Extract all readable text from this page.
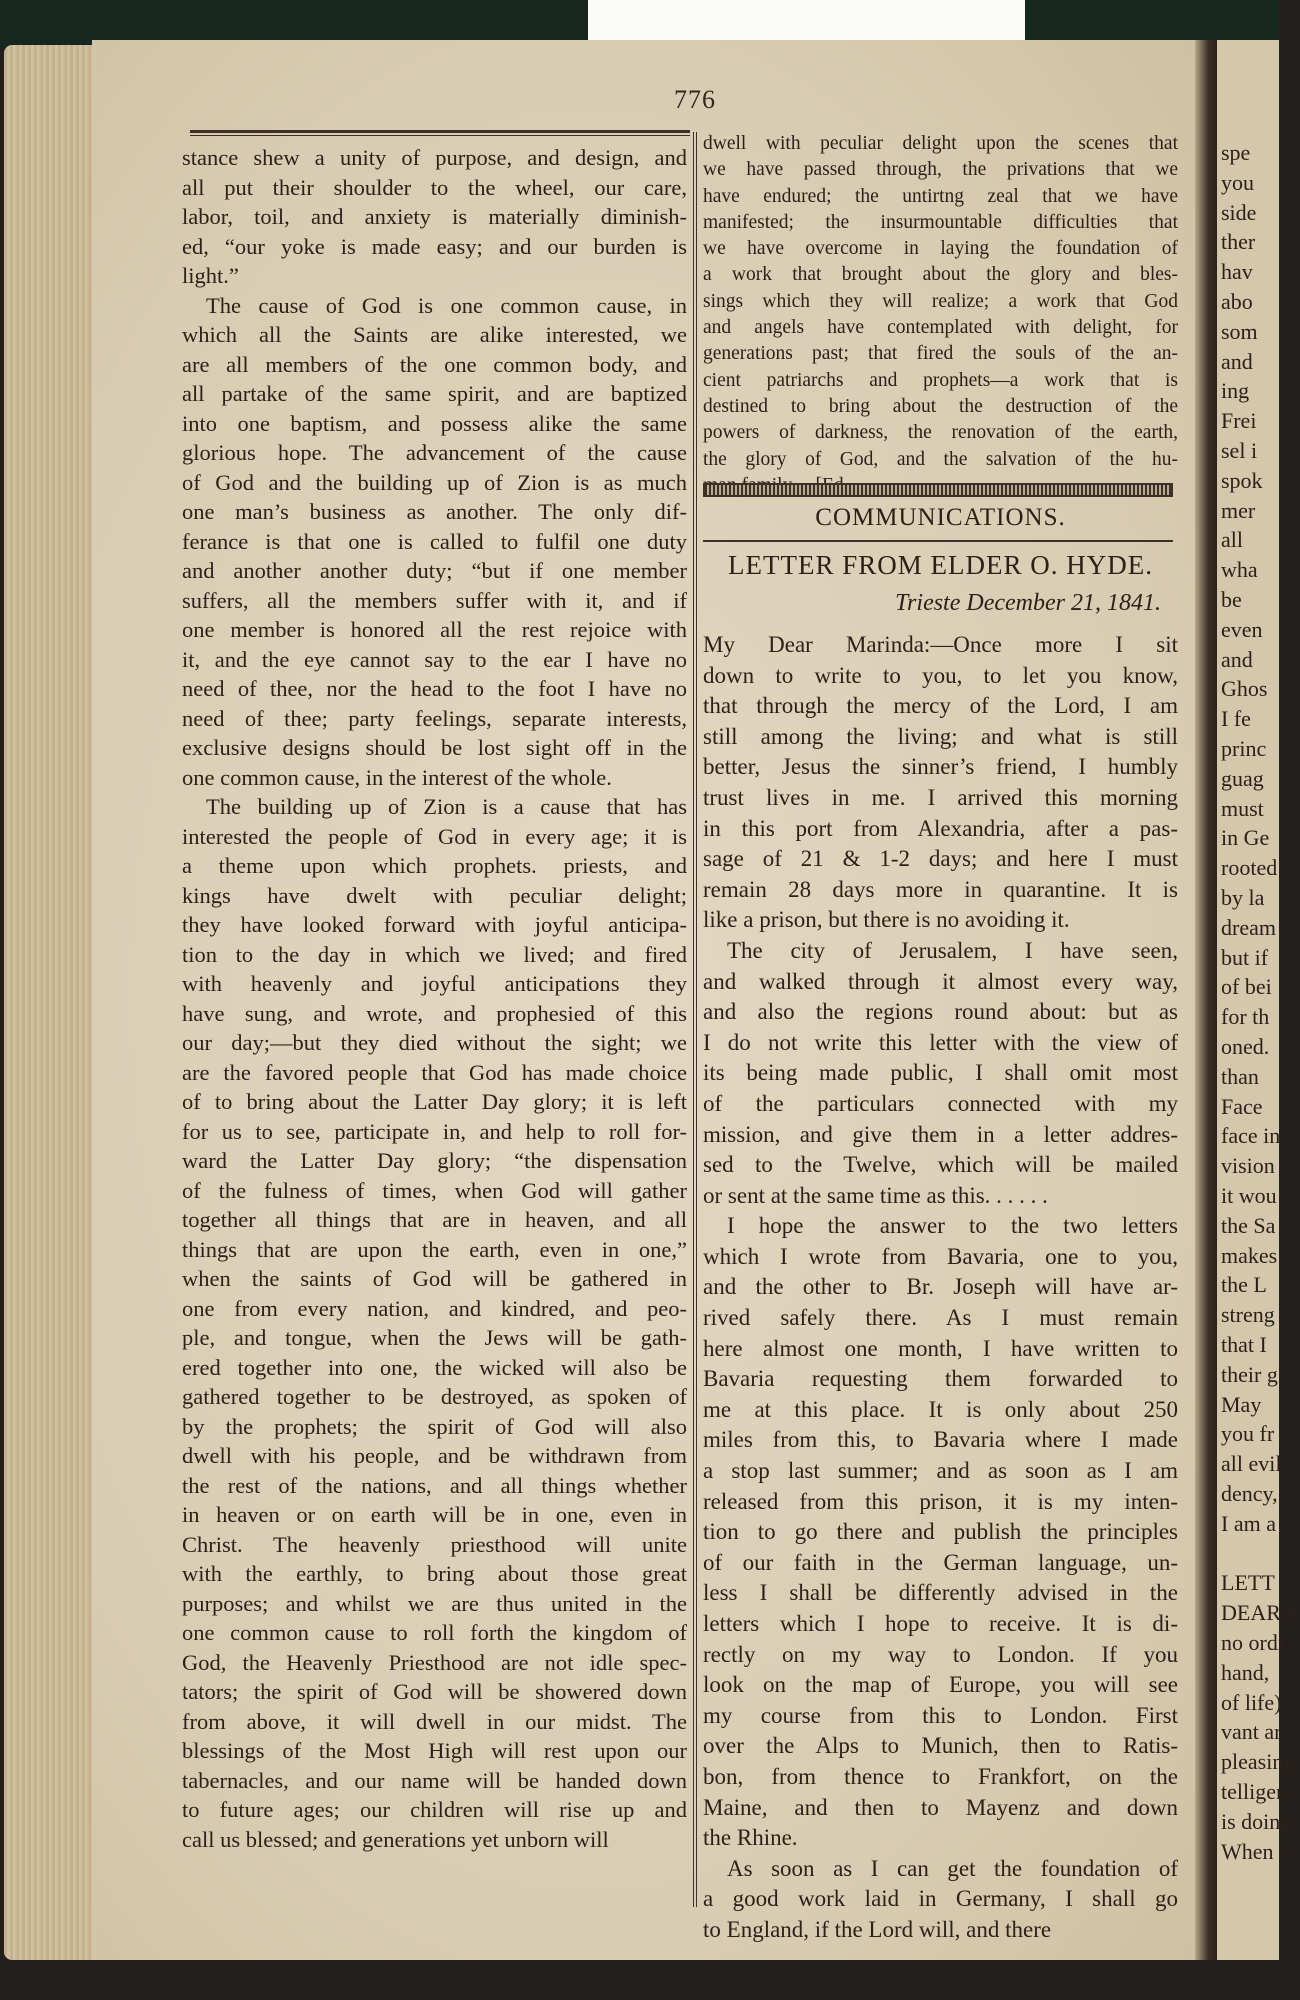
spe
you
side
ther
hav
abo
som
and
ing
Frei
sel i
spok
mer
all
wha
be
even
and
Ghos
I fe
princ
guag
must
in Ge
rooted
by la
dream
but if
of bei
for th
oned.
than
Face
face in
vision
it wou
the Sa
makes
the L
streng
that I
their g
May
you fr
all evil
dency,
I am a
LETT
DEAR E
no ordi
hand,
of life)
vant ar
pleasing
telligen
is doing
When I
776
stance shew a unity of purpose, and design, and
all put their shoulder to the wheel, our care,
labor, toil, and anxiety is materially diminish-
ed, “our yoke is made easy; and our burden is
light.”
The cause of God is one common cause, in
which all the Saints are alike interested, we
are all members of the one common body, and
all partake of the same spirit, and are baptized
into one baptism, and possess alike the same
glorious hope. The advancement of the cause
of God and the building up of Zion is as much
one man’s business as another. The only dif-
ferance is that one is called to fulfil one duty
and another another duty; “but if one member
suffers, all the members suffer with it, and if
one member is honored all the rest rejoice with
it, and the eye cannot say to the ear I have no
need of thee, nor the head to the foot I have no
need of thee; party feelings, separate interests,
exclusive designs should be lost sight off in the
one common cause, in the interest of the whole.
The building up of Zion is a cause that has
interested the people of God in every age; it is
a theme upon which prophets. priests, and
kings have dwelt with peculiar delight;
they have looked forward with joyful anticipa-
tion to the day in which we lived; and fired
with heavenly and joyful anticipations they
have sung, and wrote, and prophesied of this
our day;—but they died without the sight; we
are the favored people that God has made choice
of to bring about the Latter Day glory; it is left
for us to see, participate in, and help to roll for-
ward the Latter Day glory; “the dispensation
of the fulness of times, when God will gather
together all things that are in heaven, and all
things that are upon the earth, even in one,”
when the saints of God will be gathered in
one from every nation, and kindred, and peo-
ple, and tongue, when the Jews will be gath-
ered together into one, the wicked will also be
gathered together to be destroyed, as spoken of
by the prophets; the spirit of God will also
dwell with his people, and be withdrawn from
the rest of the nations, and all things whether
in heaven or on earth will be in one, even in
Christ. The heavenly priesthood will unite
with the earthly, to bring about those great
purposes; and whilst we are thus united in the
one common cause to roll forth the kingdom of
God, the Heavenly Priesthood are not idle spec-
tators; the spirit of God will be showered down
from above, it will dwell in our midst. The
blessings of the Most High will rest upon our
tabernacles, and our name will be handed down
to future ages; our children will rise up and
call us blessed; and generations yet unborn will
dwell with peculiar delight upon the scenes that
we have passed through, the privations that we
have endured; the untirtng zeal that we have
manifested; the insurmountable difficulties that
we have overcome in laying the foundation of
a work that brought about the glory and bles-
sings which they will realize; a work that God
and angels have contemplated with delight, for
generations past; that fired the souls of the an-
cient patriarchs and prophets—a work that is
destined to bring about the destruction of the
powers of darkness, the renovation of the earth,
the glory of God, and the salvation of the hu-
COMMUNICATIONS.
LETTER FROM ELDER O. HYDE.
Trieste December 21, 1841.
My Dear Marinda:—Once more I sit
down to write to you, to let you know,
that through the mercy of the Lord, I am
still among the living; and what is still
better, Jesus the sinner’s friend, I humbly
trust lives in me. I arrived this morning
in this port from Alexandria, after a pas-
sage of 21 & 1-2 days; and here I must
remain 28 days more in quarantine. It is
like a prison, but there is no avoiding it.
The city of Jerusalem, I have seen,
and walked through it almost every way,
and also the regions round about: but as
I do not write this letter with the view of
its being made public, I shall omit most
of the particulars connected with my
mission, and give them in a letter addres-
sed to the Twelve, which will be mailed
or sent at the same time as this. . . . . .
I hope the answer to the two letters
which I wrote from Bavaria, one to you,
and the other to Br. Joseph will have ar-
rived safely there. As I must remain
here almost one month, I have written to
Bavaria requesting them forwarded to
me at this place. It is only about 250
miles from this, to Bavaria where I made
a stop last summer; and as soon as I am
released from this prison, it is my inten-
tion to go there and publish the principles
of our faith in the German language, un-
less I shall be differently advised in the
letters which I hope to receive. It is di-
rectly on my way to London. If you
look on the map of Europe, you will see
my course from this to London. First
over the Alps to Munich, then to Ratis-
bon, from thence to Frankfort, on the
Maine, and then to Mayenz and down
the Rhine.
As soon as I can get the foundation of
a good work laid in Germany, I shall go
to England, if the Lord will, and there
